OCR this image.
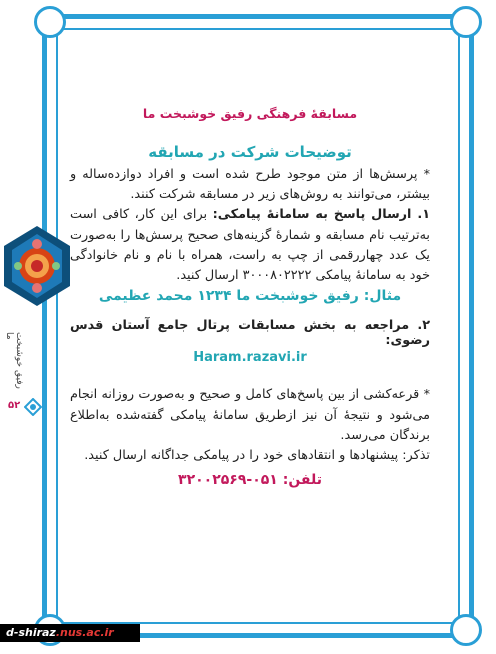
مسابقهٔ فرهنگی رفیق خوشبخت ما
توضیحات شرکت در مسابقه

* پرسش‌ها از متن موجود طرح شده است و افراد دوازده‌ساله و بیشتر، می‌توانند به روش‌های زیر در مسابقه شرکت کنند.

۱. ارسال پاسخ به سامانهٔ پیامکی: برای این کار، کافی است به‌ترتیب نام مسابقه و شمارهٔ گزینه‌های صحیح پرسش‌ها را به‌صورت یک عدد چهاررقمی از چپ به راست، همراه با نام و نام خانوادگی خود به سامانهٔ پیامکی ۳۰۰۰۸۰۲۲۲۲ ارسال کنید.

مثال: رفیق خوشبخت ما ۱۲۳۴ محمد عظیمی
۲. مراجعه به بخش مسابقات پرتال جامع آستان قدس رضوی:
Haram.razavi.ir

* قرعه‌کشی از بین پاسخ‌های کامل و صحیح و به‌صورت روزانه انجام می‌شود و نتیجهٔ آن نیز ازطریق سامانهٔ پیامکی گفته‌شده به‌اطلاع برندگان می‌رسد.

تذکر: پیشنهادها و انتقادهای خود را در پیامکی جداگانه ارسال کنید.

تلفن: ۰۵۱-۳۲۰۰۲۵۶۹
رفیق خوشبخت ما
۵۲
d-shiraz.nus.ac.ir
